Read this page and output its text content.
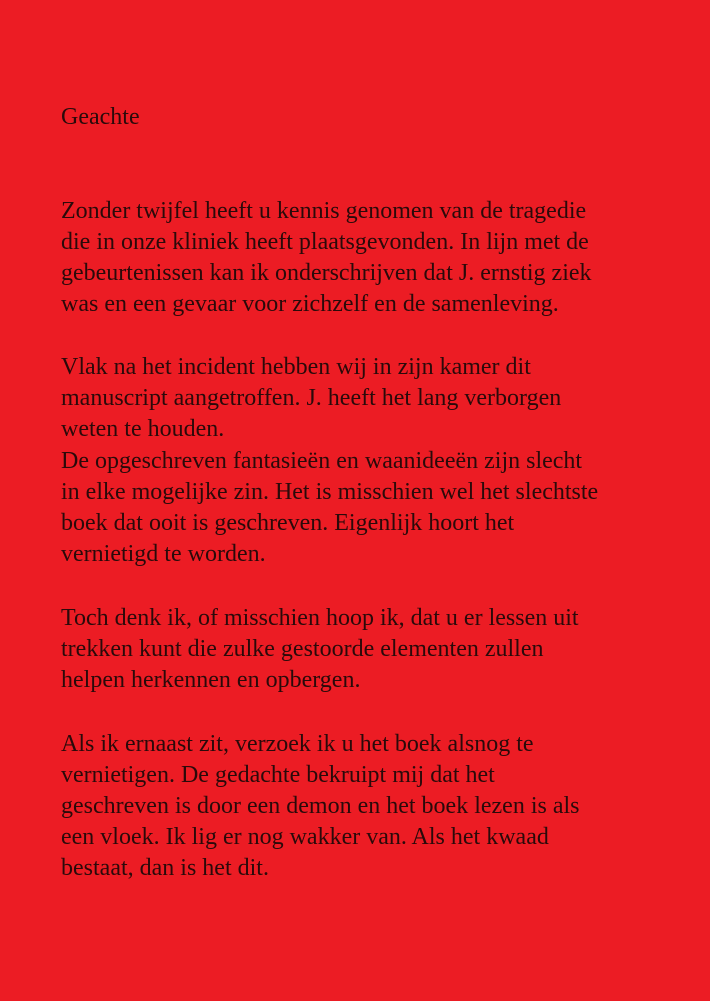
Geachte

Zonder twijfel heeft u kennis genomen van de tragedie
die in onze kliniek heeft plaatsgevonden. In lijn met de
gebeurtenissen kan ik onderschrijven dat J. ernstig ziek
was en een gevaar voor zichzelf en de samenleving.

Vlak na het incident hebben wij in zijn kamer dit
manuscript aangetroffen. J. heeft het lang verborgen
weten te houden.

De opgeschreven fantasieën en waanideeën zijn slecht
in elke mogelijke zin. Het is misschien wel het slechtste
boek dat ooit is geschreven. Eigenlijk hoort het
vernietigd te worden.

Toch denk ik, of misschien hoop ik, dat u er lessen uit
trekken kunt die zulke gestoorde elementen zullen
helpen herkennen en opbergen.

Als ik ernaast zit, verzoek ik u het boek alsnog te
vernietigen. De gedachte bekruipt mij dat het
geschreven is door een demon en het boek lezen is als
een vloek. Ik lig er nog wakker van. Als het kwaad
bestaat, dan is het dit.
